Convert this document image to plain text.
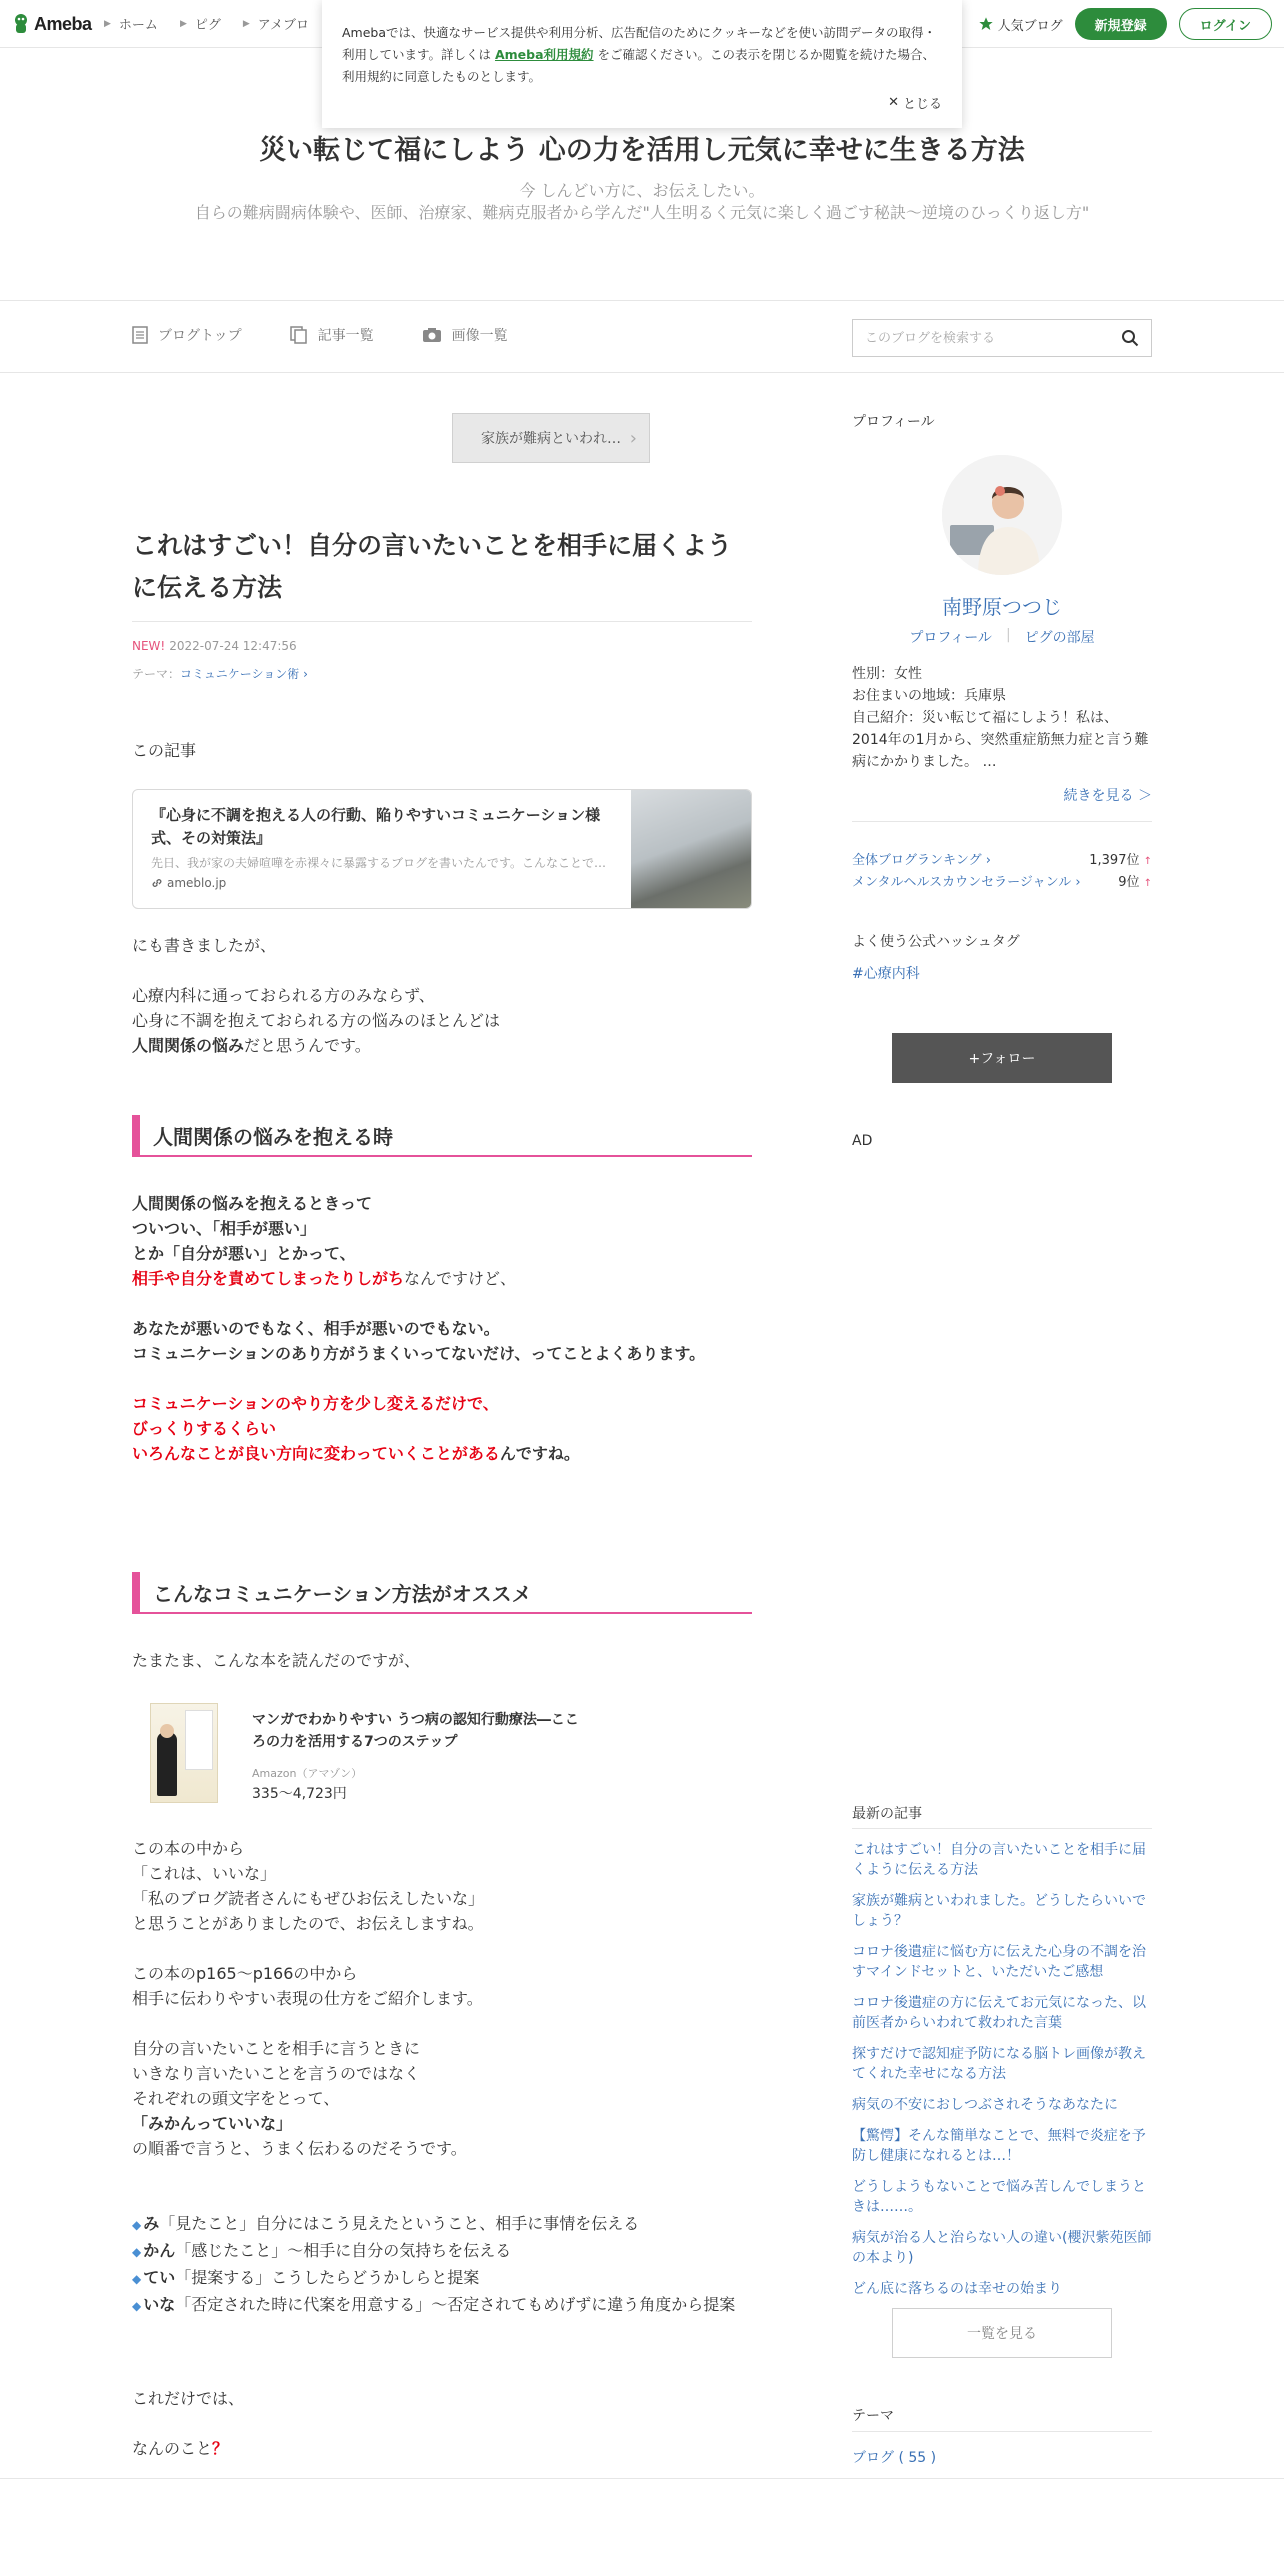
Ameba ▶ ホーム ▶ ピグ ▶ アメブロ	人気ブログ	新規登録	ログイン

Amebaでは、快適なサービス提供や利用分析、広告配信のためにクッキーなどを使い訪問データの取得・利用しています。詳しくは Ameba利用規約 をご確認ください。この表示を閉じるか閲覧を続けた場合、利用規約に同意したものとします。

✕ とじる
災い転じて福にしよう 心の力を活用し元気に幸せに生きる方法
今 しんどい方に、お伝えしたい。
自らの難病闘病体験や、医師、治療家、難病克服者から学んだ"人生明るく元気に楽しく過ごす秘訣～逆境のひっくり返し方"
ブログトップ	記事一覧	画像一覧
このブログを検索する
家族が難病といわれ… ›
これはすごい！自分の言いたいことを相手に届くように伝える方法
NEW! 2022-07-24 12:47:56
テーマ：コミュニケーション術 ›

この記事

『心身に不調を抱える人の行動、陥りやすいコミュニケーション様式、その対策法』
先日、我が家の夫婦喧嘩を赤裸々に暴露するブログを書いたんです。こんなことで…
ameblo.jp

にも書きましたが、

心療内科に通っておられる方のみならず、
心身に不調を抱えておられる方の悩みのほとんどは
人間関係の悩みだと思うんです。
人間関係の悩みを抱える時
人間関係の悩みを抱えるときって
ついつい、「相手が悪い」
とか「自分が悪い」とかって、
相手や自分を責めてしまったりしがちなんですけど、
あなたが悪いのでもなく、相手が悪いのでもない。
コミュニケーションのあり方がうまくいってないだけ、ってことよくあります。
コミュニケーションのやり方を少し変えるだけで、
びっくりするくらい
いろんなことが良い方向に変わっていくことがあるんですね。
こんなコミュニケーション方法がオススメ

たまたま、こんな本を読んだのですが、

マンガでわかりやすい うつ病の認知行動療法―こころの力を活用する7つのステップ
Amazon（アマゾン）
335〜4,723円
この本の中から
「これは、いいな」
「私のブログ読者さんにもぜひお伝えしたいな」
と思うことがありましたので、お伝えしますね。
この本のp165〜p166の中から
相手に伝わりやすい表現の仕方をご紹介します。
自分の言いたいことを相手に言うときに
いきなり言いたいことを言うのではなく
それぞれの頭文字をとって、
「みかんっていいな」
の順番で言うと、うまく伝わるのだそうです。
◆ み「見たこと」自分にはこう見えたということ、相手に事情を伝える
◆ かん「感じたこと」〜相手に自分の気持ちを伝える
◆ てい「提案する」こうしたらどうかしらと提案
◆ いな「否定された時に代案を用意する」～否定されてもめげずに違う角度から提案

これだけでは、

なんのこと？

プロフィール
南野原つつじ
プロフィール | ピグの部屋
性別：女性
お住まいの地域：兵庫県
自己紹介：災い転じて福にしよう！私は、2014年の1月から、突然重症筋無力症と言う難病にかかりました。 …
続きを見る ＞
全体ブログランキング ›	1,397位 ↑
メンタルヘルスカウンセラージャンル ›	9位 ↑
よく使う公式ハッシュタグ
#心療内科
+フォロー
AD
最新の記事
これはすごい！自分の言いたいことを相手に届くように伝える方法
家族が難病といわれました。どうしたらいいでしょう？
コロナ後遺症に悩む方に伝えた心身の不調を治すマインドセットと、いただいたご感想
コロナ後遺症の方に伝えてお元気になった、以前医者からいわれて救われた言葉
探すだけで認知症予防になる脳トレ画像が教えてくれた幸せになる方法
病気の不安におしつぶされそうなあなたに
【驚愕】そんな簡単なことで、無料で炎症を予防し健康になれるとは…！
どうしようもないことで悩み苦しんでしまうときは……。
病気が治る人と治らない人の違い(櫻沢紫苑医師の本より)
どん底に落ちるのは幸せの始まり
一覧を見る
テーマ
ブログ ( 55 )
